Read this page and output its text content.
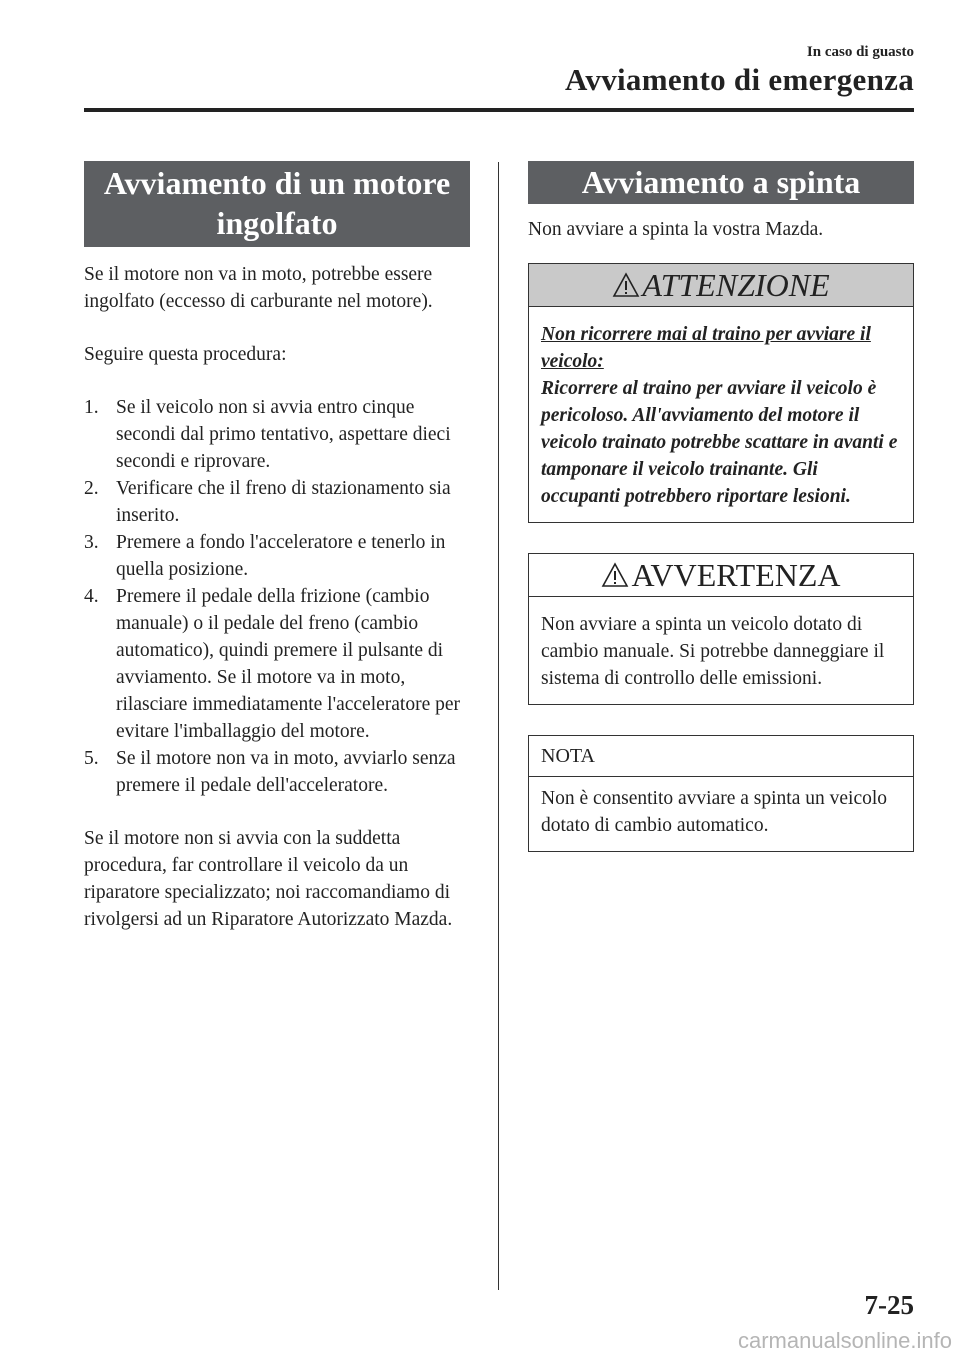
In caso di guasto
Avviamento di emergenza
Avviamento di un motore
ingolfato

Se il motore non va in moto, potrebbe essere ingolfato (eccesso di carburante nel motore).

Seguire questa procedura:

1. Se il veicolo non si avvia entro cinque secondi dal primo tentativo, aspettare dieci secondi e riprovare.
2. Verificare che il freno di stazionamento sia inserito.
3. Premere a fondo l'acceleratore e tenerlo in quella posizione.
4. Premere il pedale della frizione (cambio manuale) o il pedale del freno (cambio automatico), quindi premere il pulsante di avviamento. Se il motore va in moto, rilasciare immediatamente l'acceleratore per evitare l'imballaggio del motore.
5. Se il motore non va in moto, avviarlo senza premere il pedale dell'acceleratore.

Se il motore non si avvia con la suddetta procedura, far controllare il veicolo da un riparatore specializzato; noi raccomandiamo di rivolgersi ad un Riparatore Autorizzato Mazda.

Avviamento a spinta

Non avviare a spinta la vostra Mazda.

ATTENZIONE

Non ricorrere mai al traino per avviare il veicolo:

Ricorrere al traino per avviare il veicolo è pericoloso. All'avviamento del motore il veicolo trainato potrebbe scattare in avanti e tamponare il veicolo trainante. Gli occupanti potrebbero riportare lesioni.

AVVERTENZA

Non avviare a spinta un veicolo dotato di cambio manuale. Si potrebbe danneggiare il sistema di controllo delle emissioni.

NOTA

Non è consentito avviare a spinta un veicolo dotato di cambio automatico.

7-25
carmanualsonline.info
